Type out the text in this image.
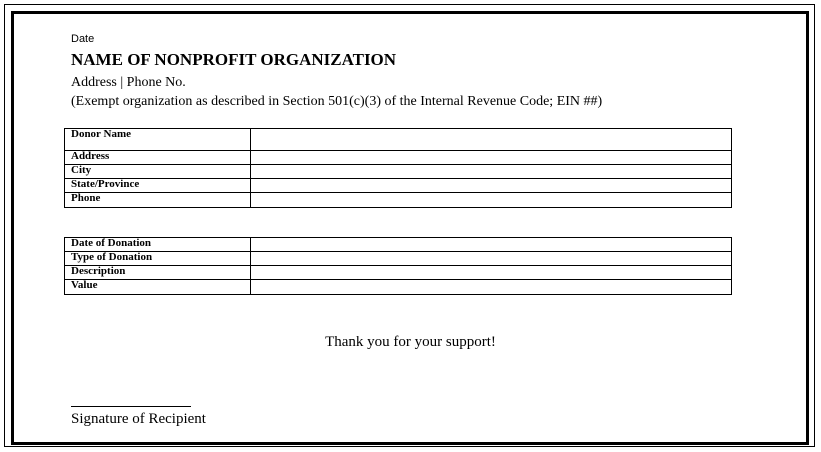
Date
NAME OF NONPROFIT ORGANIZATION
Address | Phone No.
(Exempt organization as described in Section 501(c)(3) of the Internal Revenue Code; EIN ##)
Donor Name	
Address	
City	
State/Province	
Phone	
Date of Donation	
Type of Donation	
Description	
Value	
Thank you for your support!
Signature of Recipient
